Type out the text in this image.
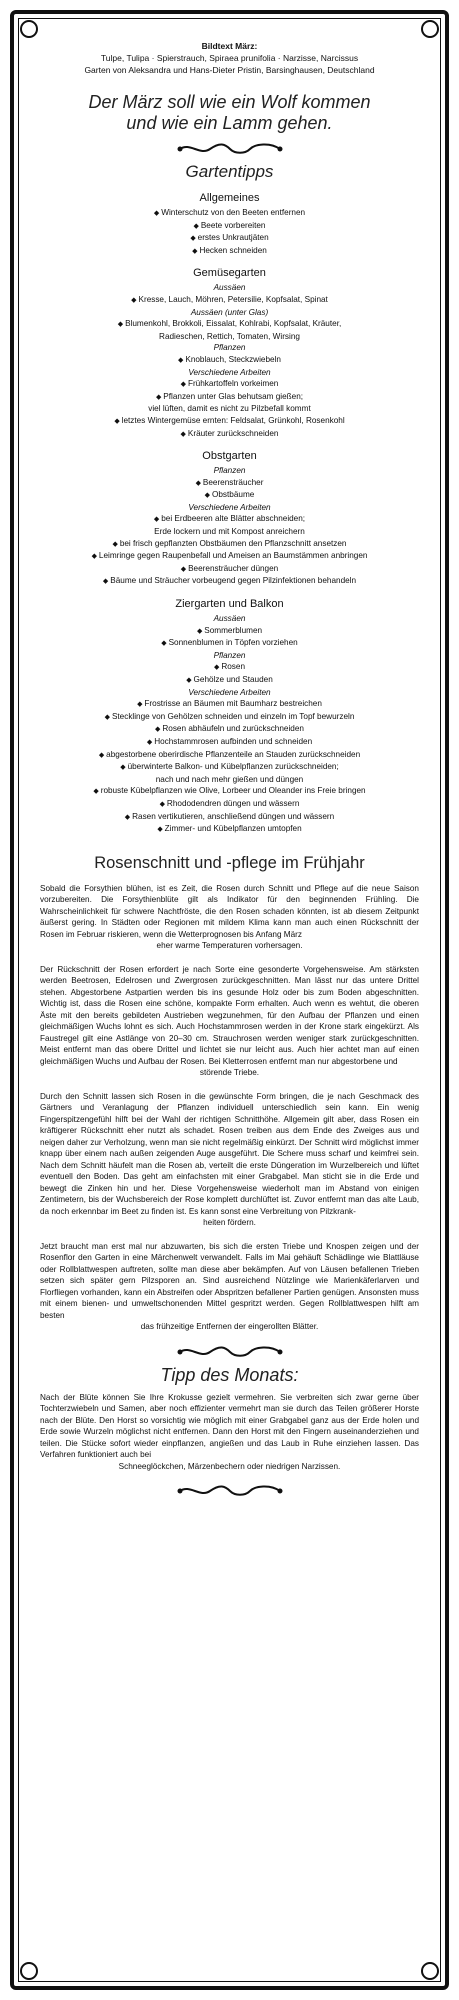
Bildtext März:
Tulpe, Tulipa · Spierstrauch, Spiraea prunifolia · Narzisse, Narcissus
Garten von Aleksandra und Hans-Dieter Pristin, Barsinghausen, Deutschland
Der März soll wie ein Wolf kommen
und wie ein Lamm gehen.
Gartentipps
Allgemeines
◆ Winterschutz von den Beeten entfernen
◆ Beete vorbereiten
◆ erstes Unkrautjäten
◆ Hecken schneiden
Gemüsegarten
Aussäen
◆ Kresse, Lauch, Möhren, Petersilie, Kopfsalat, Spinat
Aussäen (unter Glas)
◆ Blumenkohl, Brokkoli, Eissalat, Kohlrabi, Kopfsalat, Kräuter,
Radieschen, Rettich, Tomaten, Wirsing
Pflanzen
◆ Knoblauch, Steckzwiebeln
Verschiedene Arbeiten
◆ Frühkartoffeln vorkeimen
◆ Pflanzen unter Glas behutsam gießen;
viel lüften, damit es nicht zu Pilzbefall kommt
◆ letztes Wintergemüse ernten: Feldsalat, Grünkohl, Rosenkohl
◆ Kräuter zurückschneiden
Obstgarten
Pflanzen
◆ Beerensträucher
◆ Obstbäume
Verschiedene Arbeiten
◆ bei Erdbeeren alte Blätter abschneiden;
Erde lockern und mit Kompost anreichern
◆ bei frisch gepflanzten Obstbäumen den Pflanzschnitt ansetzen
◆ Leimringe gegen Raupenbefall und Ameisen an Baumstämmen anbringen
◆ Beerensträucher düngen
◆ Bäume und Sträucher vorbeugend gegen Pilzinfektionen behandeln
Ziergarten und Balkon
Aussäen
◆ Sommerblumen
◆ Sonnenblumen in Töpfen vorziehen
Pflanzen
◆ Rosen
◆ Gehölze und Stauden
Verschiedene Arbeiten
◆ Frostrisse an Bäumen mit Baumharz bestreichen
◆ Stecklinge von Gehölzen schneiden und einzeln im Topf bewurzeln
◆ Rosen abhäufeln und zurückschneiden
◆ Hochstammrosen aufbinden und schneiden
◆ abgestorbene oberirdische Pflanzenteile an Stauden zurückschneiden
◆ überwinterte Balkon- und Kübelpflanzen zurückschneiden;
nach und nach mehr gießen und düngen
◆ robuste Kübelpflanzen wie Olive, Lorbeer und Oleander ins Freie bringen
◆ Rhododendren düngen und wässern
◆ Rasen vertikutieren, anschließend düngen und wässern
◆ Zimmer- und Kübelpflanzen umtopfen
Rosenschnitt und -pflege im Frühjahr

Sobald die Forsythien blühen, ist es Zeit, die Rosen durch Schnitt und Pflege auf die neue Saison vorzubereiten. Die Forsythienblüte gilt als Indikator für den beginnenden Frühling. Die Wahrscheinlichkeit für schwere Nachtfröste, die den Rosen schaden könnten, ist ab diesem Zeitpunkt äußerst gering. In Städten oder Regionen mit mildem Klima kann man auch einen Rückschnitt der Rosen im Februar riskieren, wenn die Wetterprognosen bis Anfang März
eher warme Temperaturen vorhersagen.

Der Rückschnitt der Rosen erfordert je nach Sorte eine gesonderte Vorgehensweise. Am stärksten werden Beetrosen, Edelrosen und Zwergrosen zurückgeschnitten. Man lässt nur das untere Drittel stehen. Abgestorbene Astpartien werden bis ins gesunde Holz oder bis zum Boden abgeschnitten. Wichtig ist, dass die Rosen eine schöne, kompakte Form erhalten. Auch wenn es wehtut, die oberen Äste mit den bereits gebildeten Austrieben wegzunehmen, für den Aufbau der Pflanzen und einen gleichmäßigen Wuchs lohnt es sich. Auch Hochstammrosen werden in der Krone stark eingekürzt. Als Faustregel gilt eine Astlänge von 20–30 cm. Strauchrosen werden weniger stark zurückgeschnitten. Meist entfernt man das obere Drittel und lichtet sie nur leicht aus. Auch hier achtet man auf einen gleichmäßigen Wuchs und Aufbau der Rosen. Bei Kletterrosen entfernt man nur abgestorbene und
störende Triebe.

Durch den Schnitt lassen sich Rosen in die gewünschte Form bringen, die je nach Geschmack des Gärtners und Veranlagung der Pflanzen individuell unterschiedlich sein kann. Ein wenig Fingerspitzengefühl hilft bei der Wahl der richtigen Schnitthöhe. Allgemein gilt aber, dass Rosen ein kräftigerer Rückschnitt eher nutzt als schadet. Rosen treiben aus dem Ende des Zweiges aus und neigen daher zur Verholzung, wenn man sie nicht regelmäßig einkürzt. Der Schnitt wird möglichst immer knapp über einem nach außen zeigenden Auge ausgeführt. Die Schere muss scharf und keimfrei sein. Nach dem Schnitt häufelt man die Rosen ab, verteilt die erste Düngeration im Wurzelbereich und lüftet eventuell den Boden. Das geht am einfachsten mit einer Grabgabel. Man sticht sie in die Erde und bewegt die Zinken hin und her. Diese Vorgehensweise wiederholt man im Abstand von einigen Zentimetern, bis der Wuchsbereich der Rose komplett durchlüftet ist. Zuvor entfernt man das alte Laub, da noch erkennbar im Beet zu finden ist. Es kann sonst eine Verbreitung von Pilzkrank-
heiten fördern.

Jetzt braucht man erst mal nur abzuwarten, bis sich die ersten Triebe und Knospen zeigen und der Rosenflor den Garten in eine Märchenwelt verwandelt. Falls im Mai gehäuft Schädlinge wie Blattläuse oder Rollblattwespen auftreten, sollte man diese aber bekämpfen. Auf von Läusen befallenen Trieben setzen sich später gern Pilzsporen an. Sind ausreichend Nützlinge wie Marienkäferlarven und Florfliegen vorhanden, kann ein Abstreifen oder Abspritzen befallener Partien genügen. Ansonsten muss mit einem bienen- und umweltschonenden Mittel gespritzt werden. Gegen Rollblattwespen hilft am besten
das frühzeitige Entfernen der eingerollten Blätter.

Tipp des Monats:

Nach der Blüte können Sie Ihre Krokusse gezielt vermehren. Sie verbreiten sich zwar gerne über Tochterzwiebeln und Samen, aber noch effizienter vermehrt man sie durch das Teilen größerer Horste nach der Blüte. Den Horst so vorsichtig wie möglich mit einer Grabgabel ganz aus der Erde holen und Erde sowie Wurzeln möglichst nicht entfernen. Dann den Horst mit den Fingern auseinanderziehen und teilen. Die Stücke sofort wieder einpflanzen, angießen und das Laub in Ruhe einziehen lassen. Das Verfahren funktioniert auch bei
Schneeglöckchen, Märzenbechern oder niedrigen Narzissen.
